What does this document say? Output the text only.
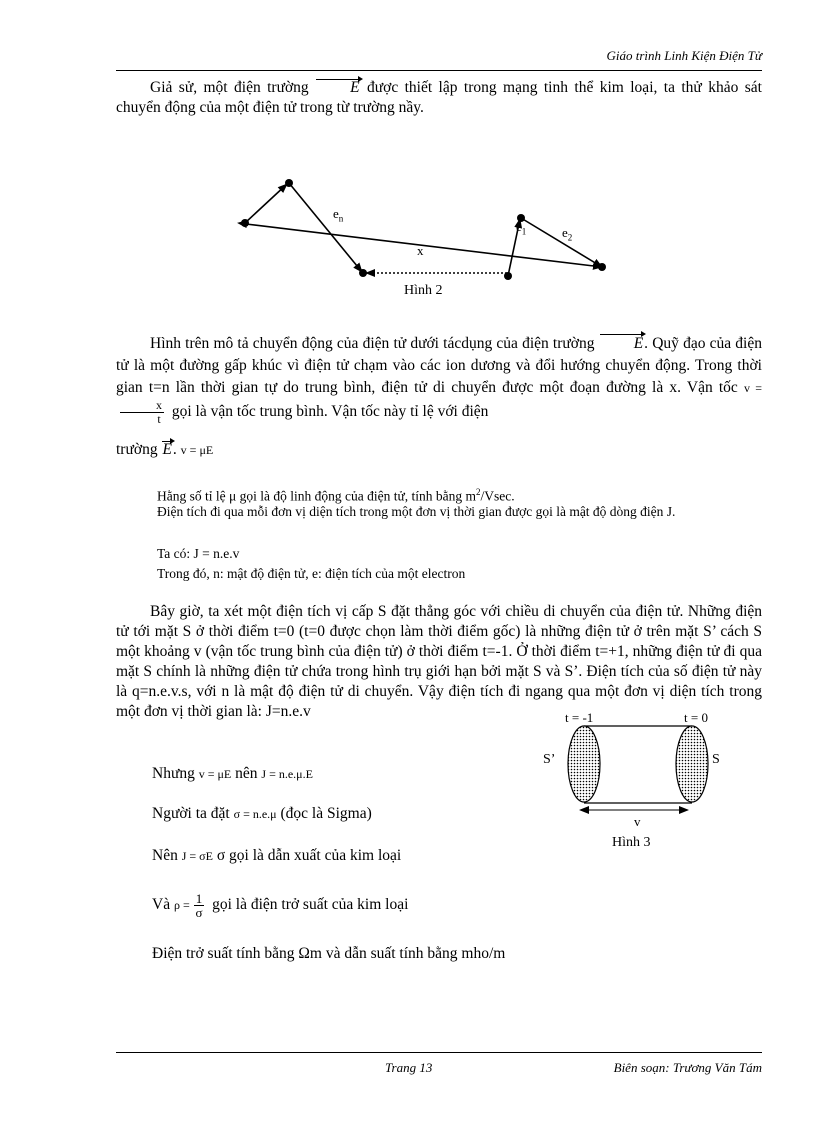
Giáo trình Linh Kiện Điện Tử

Giả sử, một điện trường E được thiết lập trong mạng tinh thể kim loại, ta thử khảo sát chuyển động của một điện tử trong từ trường nầy.

$e_n$
$e_1$	$e_2$
x
Hình 2

Hình trên mô tả chuyển động của điện tử dưới tácdụng của điện trường E. Quỹ đạo của điện tử là một đường gấp khúc vì điện tử chạm vào các ion dương và đổi hướng chuyển động. Trong thời gian t=n lần thời gian tự do trung bình, điện tử di chuyển được một đoạn đường là x. Vận tốc v =
$\frac{x}{t}$ gọi là vận tốc trung bình. Vận tốc này tỉ lệ với điện

trường E. v = μE

Hằng số tỉ lệ μ gọi là độ linh động của điện tử, tính bằng $m^2$/Vsec.

Điện tích đi qua mỗi đơn vị diện tích trong một đơn vị thời gian được gọi là mật độ dòng điện J.

Ta có: J = n.e.v

Trong đó, n: mật độ điện tử, e: điện tích của một electron

Bây giờ, ta xét một điện tích vị cấp S đặt thẳng góc với chiều di chuyển của điện tử. Những điện tử tới mặt S ở thời điểm t=0 (t=0 được chọn làm thời điểm gốc) là những điện tử ở trên mặt S’ cách S một khoảng v (vận tốc trung bình của điện tử) ở thời điểm t=-1. Ở thời điểm t=+1, những điện tử đi qua mặt S chính là những điện tử chứa trong hình trụ giới hạn bởi mặt S và S’. Điện tích của số điện tử này là q=n.e.v.s, với n là mật độ điện tử di chuyển. Vậy điện tích đi ngang qua một đơn vị diện tích trong một đơn vị thời gian là: J=n.e.v	t = -1	t = 0
S’	S
v
Hình 3

Nhưng v = μE nên J = n.e.μ.E

Người ta đặt σ = n.e.μ (đọc là Sigma)

Nên J = σE σ gọi là dẫn xuất của kim loại

Và $\rho = \frac{1}{\sigma}$ gọi là điện trở suất của kim loại

Điện trở suất tính bằng Ωm và dẫn suất tính bằng mho/m

Trang 13	Biên soạn: Trương Văn Tám
